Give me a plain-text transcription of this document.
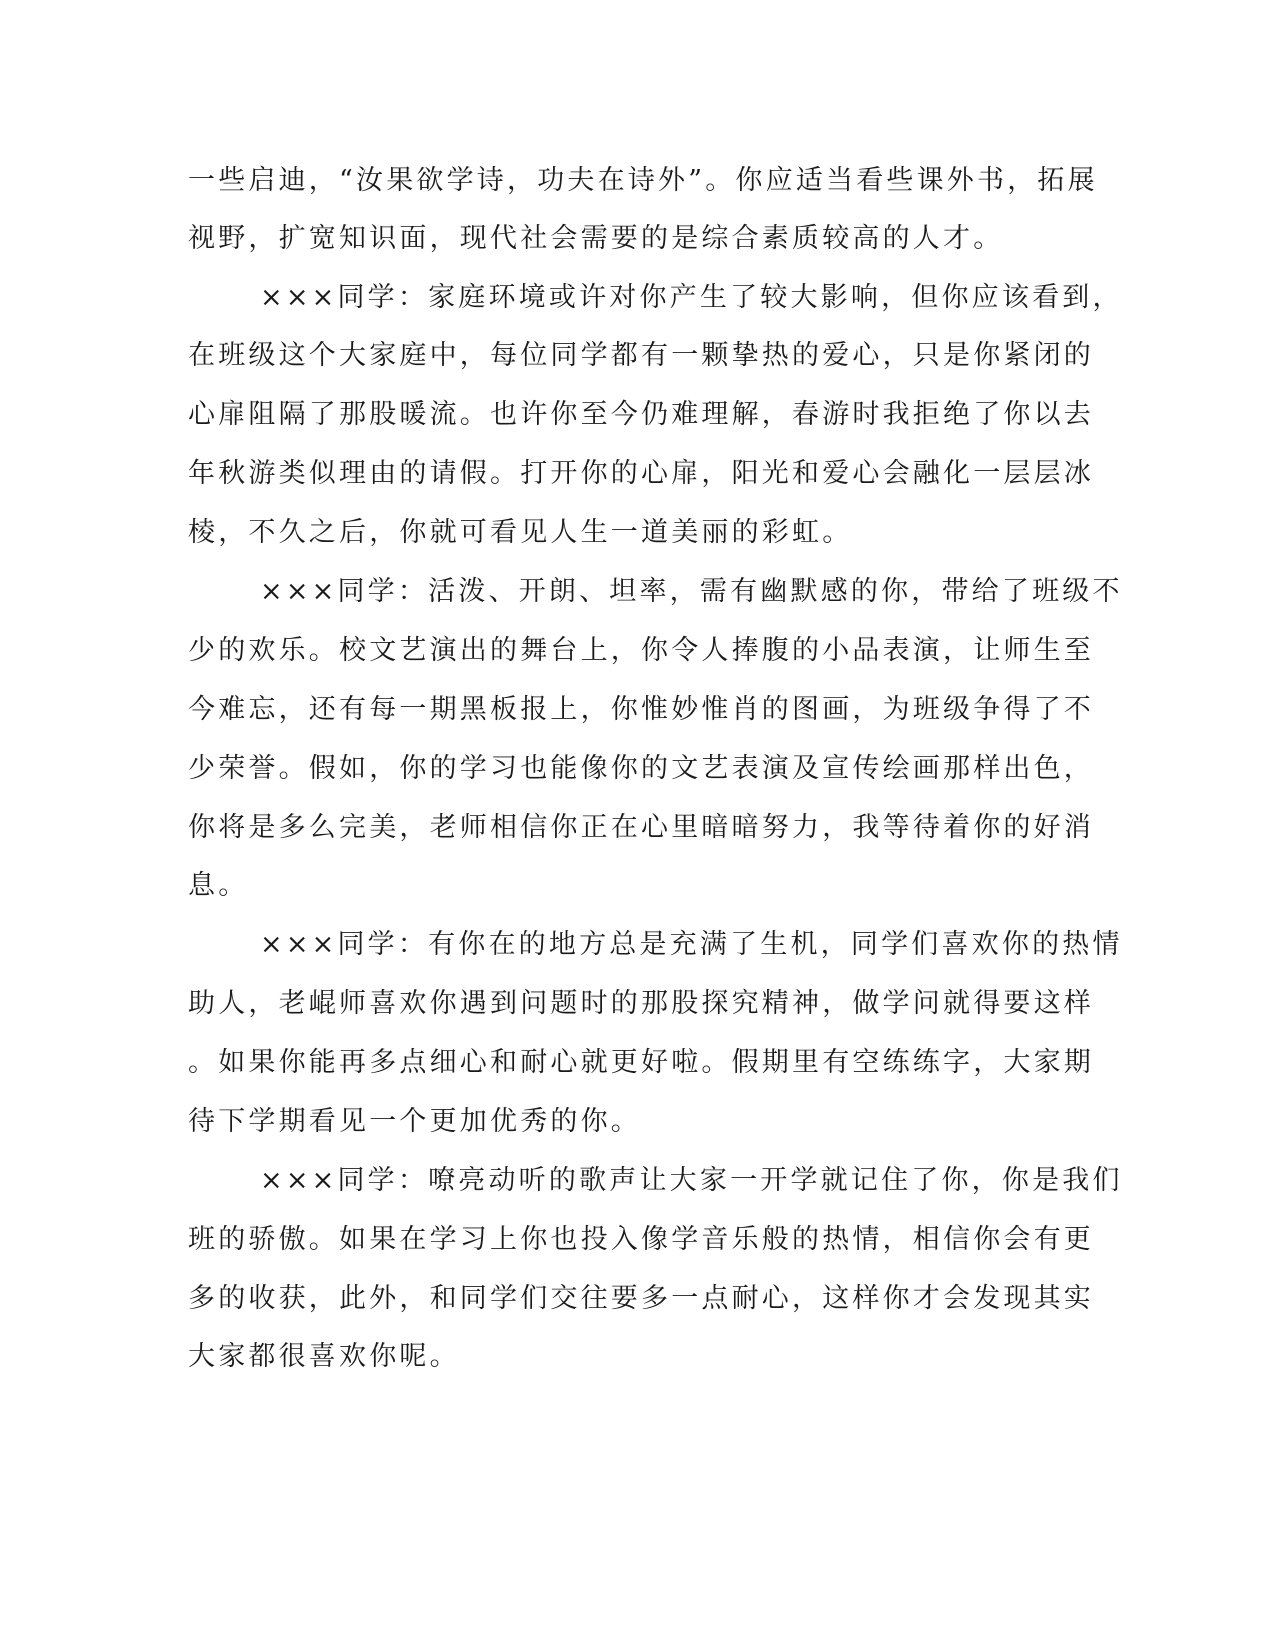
一些启迪，“汝果欲学诗，功夫在诗外”。你应适当看些课外书，拓展

视野，扩宽知识面，现代社会需要的是综合素质较高的人才。

×××同学：家庭环境或许对你产生了较大影响，但你应该看到，

在班级这个大家庭中，每位同学都有一颗挚热的爱心，只是你紧闭的

心扉阻隔了那股暖流。也许你至今仍难理解，春游时我拒绝了你以去

年秋游类似理由的请假。打开你的心扉，阳光和爱心会融化一层层冰

棱，不久之后，你就可看见人生一道美丽的彩虹。

×××同学：活泼、开朗、坦率，需有幽默感的你，带给了班级不

少的欢乐。校文艺演出的舞台上，你令人捧腹的小品表演，让师生至

今难忘，还有每一期黑板报上，你惟妙惟肖的图画，为班级争得了不

少荣誉。假如，你的学习也能像你的文艺表演及宣传绘画那样出色，

你将是多么完美，老师相信你正在心里暗暗努力，我等待着你的好消

息。

×××同学：有你在的地方总是充满了生机，同学们喜欢你的热情

助人，老崐师喜欢你遇到问题时的那股探究精神，做学问就得要这样

。如果你能再多点细心和耐心就更好啦。假期里有空练练字，大家期

待下学期看见一个更加优秀的你。

×××同学：嘹亮动听的歌声让大家一开学就记住了你，你是我们

班的骄傲。如果在学习上你也投入像学音乐般的热情，相信你会有更

多的收获，此外，和同学们交往要多一点耐心，这样你才会发现其实

大家都很喜欢你呢。
